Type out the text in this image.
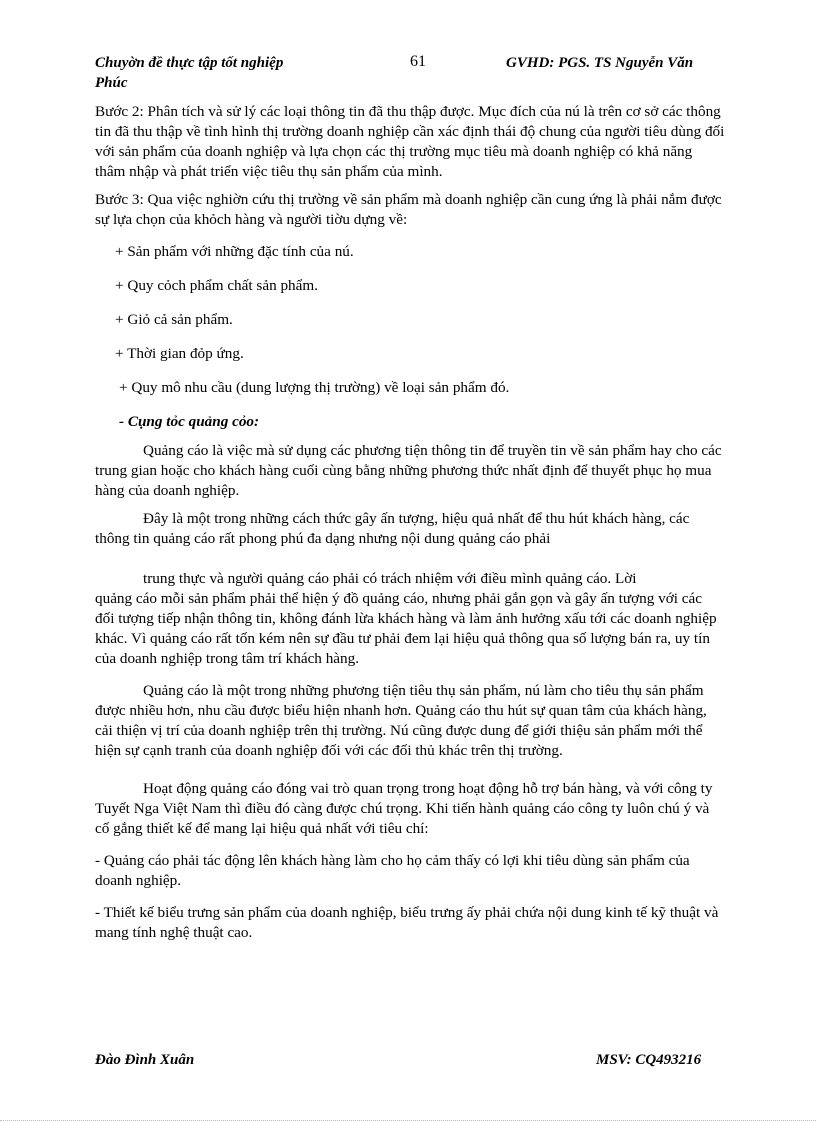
Chuyờn đề thực tập tốt nghiệp
Phúc
61	GVHD: PGS. TS Nguyễn Văn

Bước 2: Phân tích và sử lý các loại thông tin đã thu thập được. Mục đích của nú là trên cơ sở các thông tin đã thu thập về tình hình thị trường doanh nghiệp cần xác định thái độ chung của người tiêu dùng đối với sản phẩm của doanh nghiệp và lựa chọn các thị trường mục tiêu mà doanh nghiệp có khả năng thâm nhập và phát triển việc tiêu thụ sản phẩm của mình.

Bước 3: Qua việc nghiờn cứu thị trường về sản phẩm mà doanh nghiệp cần cung ứng là phải nắm được sự lựa chọn của khỏch hàng và người tiờu dựng về:

+ Sản phẩm với những đặc tính của nú.
+ Quy cỏch phẩm chất sản phẩm.
+ Giỏ cả sản phẩm.
+ Thời gian đỏp ứng.
+ Quy mô nhu cầu (dung lượng thị trường) về loại sản phẩm đó.
- Cụng tỏc quảng cỏo:

Quảng cáo là việc mà sử dụng các phương tiện thông tin để truyền tin về sản phẩm hay cho các trung gian hoặc cho khách hàng cuối cùng bằng những phương thức nhất định để thuyết phục họ mua hàng của doanh nghiệp.

Đây là một trong những cách thức gây ấn tượng, hiệu quả nhất để thu hút khách hàng, các thông tin quảng cáo rất phong phú đa dạng nhưng nội dung quảng cáo phải

trung thực và người quảng cáo phải có trách nhiệm với điều mình quảng cáo. Lời
quảng cáo mỗi sản phẩm phải thể hiện ý đồ quảng cáo, nhưng phải gắn gọn và gây ấn tượng với các đối tượng tiếp nhận thông tin, không đánh lừa khách hàng và làm ảnh hưởng xấu tới các doanh nghiệp khác. Vì quảng cáo rất tốn kém nên sự đầu tư phải đem lại hiệu quả thông qua số lượng bán ra, uy tín của doanh nghiệp trong tâm trí khách hàng.

Quảng cáo là một trong những phương tiện tiêu thụ sản phẩm, nú làm cho tiêu thụ sản phẩm được nhiều hơn, nhu cầu được biểu hiện nhanh hơn. Quảng cáo thu hút sự quan tâm của khách hàng, cải thiện vị trí của doanh nghiệp trên thị trường. Nú cũng được dung để giới thiệu sản phẩm mới thể hiện sự cạnh tranh của doanh nghiệp đối với các đối thủ khác trên thị trường.

Hoạt động quảng cáo đóng vai trò quan trọng trong hoạt động hỗ trợ bán hàng, và với công ty Tuyết Nga Việt Nam thì điều đó càng được chú trọng. Khi tiến hành quảng cáo công ty luôn chú ý và cố gắng thiết kế để mang lại hiệu quả nhất với tiêu chí:

- Quảng cáo phải tác động lên khách hàng làm cho họ cảm thấy có lợi khi tiêu dùng sản phẩm của doanh nghiệp.

- Thiết kế biểu trưng sản phẩm của doanh nghiệp, biểu trưng ấy phải chứa nội dung kinh tế kỹ thuật và mang tính nghệ thuật cao.

Đào Đình Xuân	MSV: CQ493216
